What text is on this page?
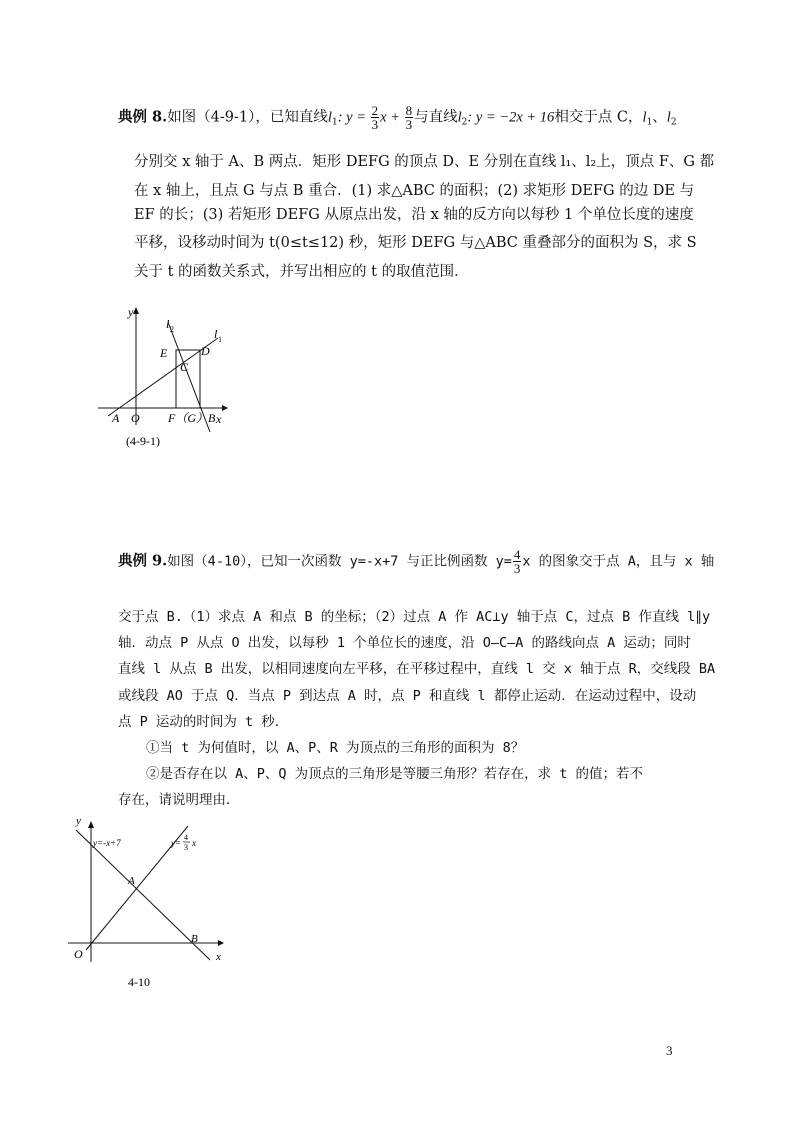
典例 8.如图（4-9-1），已知直线$l_1$: $y = \frac{2}{3}$ $x + \frac{8}{3}$ 与直线$l_2$: y = −2x + 16相交于点 C，$l_1$、$l_2$
分别交 x 轴于 A、B 两点．矩形 DEFG 的顶点 D、E 分别在直线 l₁、l₂上，顶点 F、G 都
在 x 轴上，且点 G 与点 B 重合．(1) 求△ABC 的面积；(2) 求矩形 DEFG 的边 DE 与
EF 的长；(3) 若矩形 DEFG 从原点出发，沿 x 轴的反方向以每秒 1 个单位长度的速度
平移，设移动时间为 t(0≤t≤12) 秒，矩形 DEFG 与△ABC 重叠部分的面积为 S，求 S
关于 t 的函数关系式，并写出相应的 t 的取值范围．
y
l 2	l 1
E	D
C
A O F（G）B x
(4-9-1)
典例 9.如图（4-10），已知一次函数 y=-x+7 与正比例函数 $y= \frac{4}{3}$ x 的图象交于点 A，且与 x 轴
交于点 B.（1）求点 A 和点 B 的坐标；（2）过点 A 作 AC⊥y 轴于点 C，过点 B 作直线 l∥y
轴．动点 P 从点 O 出发，以每秒 1 个单位长的速度，沿 O—C—A 的路线向点 A 运动；同时
直线 l 从点 B 出发，以相同速度向左平移，在平移过程中，直线 l 交 x 轴于点 R，交线段 BA
或线段 AO 于点 Q．当点 P 到达点 A 时，点 P 和直线 l 都停止运动．在运动过程中，设动
点 P 运动的时间为 t 秒．
①当 t 为何值时，以 A、P、R 为顶点的三角形的面积为 8？
②是否存在以 A、P、Q 为顶点的三角形是等腰三角形？若存在，求 t 的值；若不
存在，请说明理由．
y
y=-x+7	y=
4
3 x
A
B
O	x
4-10
3
